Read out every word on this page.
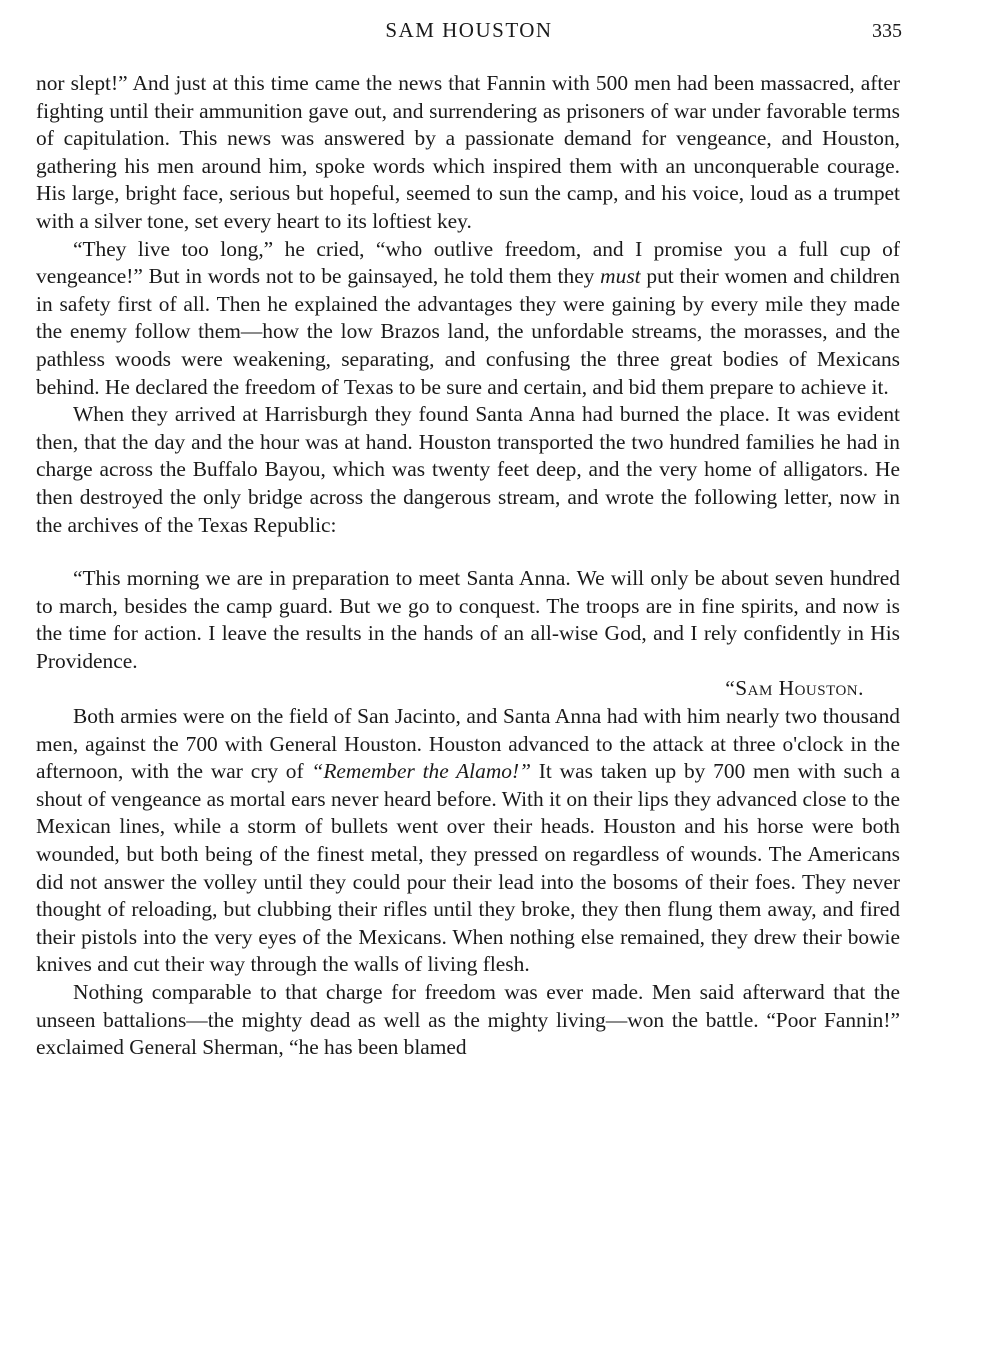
SAM HOUSTON	335

nor slept!” And just at this time came the news that Fannin with 500 men had been massacred, after fighting until their ammunition gave out, and surrendering as prisoners of war under favorable terms of capitulation. This news was answered by a passionate demand for vengeance, and Houston, gathering his men around him, spoke words which inspired them with an unconquerable courage. His large, bright face, serious but hopeful, seemed to sun the camp, and his voice, loud as a trumpet with a silver tone, set every heart to its loftiest key.

“They live too long,” he cried, “who outlive freedom, and I promise you a full cup of vengeance!” But in words not to be gainsayed, he told them they must put their women and children in safety first of all. Then he explained the advantages they were gaining by every mile they made the enemy follow them—how the low Brazos land, the unfordable streams, the morasses, and the pathless woods were weakening, separating, and confusing the three great bodies of Mexicans behind. He declared the freedom of Texas to be sure and certain, and bid them prepare to achieve it.

When they arrived at Harrisburgh they found Santa Anna had burned the place. It was evident then, that the day and the hour was at hand. Houston transported the two hundred families he had in charge across the Buffalo Bayou, which was twenty feet deep, and the very home of alligators. He then destroyed the only bridge across the dangerous stream, and wrote the following letter, now in the archives of the Texas Republic:

“This morning we are in preparation to meet Santa Anna. We will only be about seven hundred to march, besides the camp guard. But we go to conquest. The troops are in fine spirits, and now is the time for action. I leave the results in the hands of an all-wise God, and I rely confidently in His Providence.

“Sam Houston.

Both armies were on the field of San Jacinto, and Santa Anna had with him nearly two thousand men, against the 700 with General Houston. Houston advanced to the attack at three o'clock in the afternoon, with the war cry of “Remember the Alamo!” It was taken up by 700 men with such a shout of vengeance as mortal ears never heard before. With it on their lips they advanced close to the Mexican lines, while a storm of bullets went over their heads. Houston and his horse were both wounded, but both being of the finest metal, they pressed on regardless of wounds. The Americans did not answer the volley until they could pour their lead into the bosoms of their foes. They never thought of reloading, but clubbing their rifles until they broke, they then flung them away, and fired their pistols into the very eyes of the Mexicans. When nothing else remained, they drew their bowie knives and cut their way through the walls of living flesh.

Nothing comparable to that charge for freedom was ever made. Men said afterward that the unseen battalions—the mighty dead as well as the mighty living—won the battle. “Poor Fannin!” exclaimed General Sherman, “he has been blamed
